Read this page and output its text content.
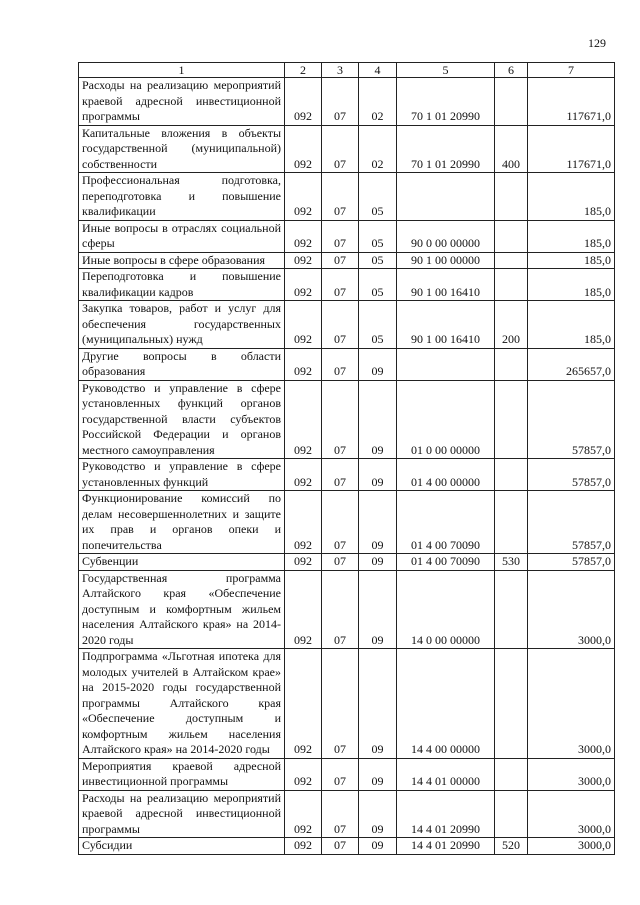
129
1	2	3	4	5	6	7
Расходы на реализацию мероприятий краевой адресной инвестиционной программы	092	07	02	70 1 01 20990		117671,0
Капитальные вложения в объекты государственной (муниципальной) собственности	092	07	02	70 1 01 20990	400	117671,0
Профессиональная подготовка, переподготовка и повышение квалификации	092	07	05			185,0
Иные вопросы в отраслях социальной сферы	092	07	05	90 0 00 00000		185,0
Иные вопросы в сфере образования	092	07	05	90 1 00 00000		185,0
Переподготовка и повышение квалификации кадров	092	07	05	90 1 00 16410		185,0
Закупка товаров, работ и услуг для обеспечения государственных (муниципальных) нужд	092	07	05	90 1 00 16410	200	185,0
Другие вопросы в области образования	092	07	09			265657,0
Руководство и управление в сфере установленных функций органов государственной власти субъектов Российской Федерации и органов местного самоуправления	092	07	09	01 0 00 00000		57857,0
Руководство и управление в сфере установленных функций	092	07	09	01 4 00 00000		57857,0
Функционирование комиссий по делам несовершеннолетних и защите их прав и органов опеки и попечительства	092	07	09	01 4 00 70090		57857,0
Субвенции	092	07	09	01 4 00 70090	530	57857,0
Государственная программа Алтайского края «Обеспечение доступным и комфортным жильем населения Алтайского края» на 2014-2020 годы	092	07	09	14 0 00 00000		3000,0
Подпрограмма «Льготная ипотека для молодых учителей в Алтайском крае» на 2015-2020 годы государственной программы Алтайского края «Обеспечение доступным и комфортным жильем населения Алтайского края» на 2014-2020 годы	092	07	09	14 4 00 00000		3000,0
Мероприятия краевой адресной инвестиционной программы	092	07	09	14 4 01 00000		3000,0
Расходы на реализацию мероприятий краевой адресной инвестиционной программы	092	07	09	14 4 01 20990		3000,0
Субсидии	092	07	09	14 4 01 20990	520	3000,0
